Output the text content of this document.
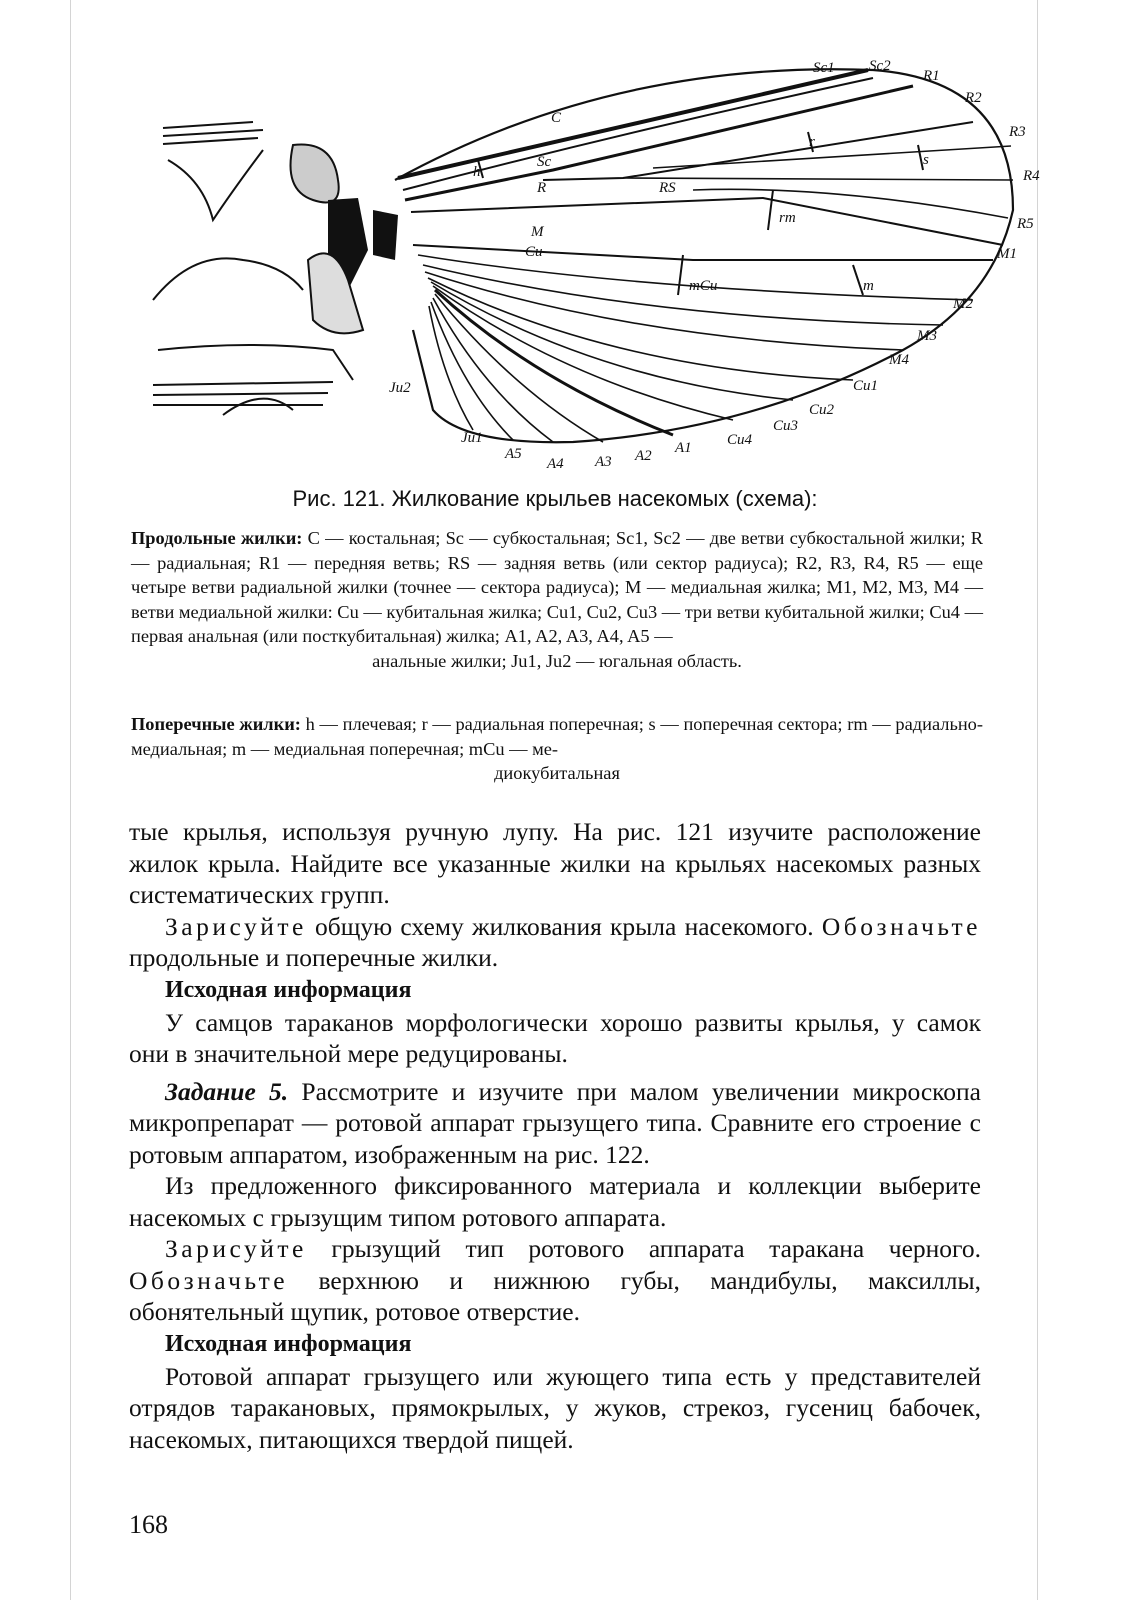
Sc1 Sc2
R1
R2
R3
R4
R5
M1
M2
M3
M4
Cu1
Cu2
Cu3
Cu4
A1
A2
A3
A4
A5
Ju1
Ju2
C
Sc
R	RS
M
Cu
h
r
s
rm
mCu	m
Рис. 121. Жилкование крыльев насекомых (схема):
Продольные жилки: C — костальная; Sc — субкостальная; Sc1, Sc2 — две ветви субкостальной жилки; R — радиальная; R1 — передняя ветвь; RS — задняя ветвь (или сектор радиуса); R2, R3, R4, R5 — еще четыре ветви радиальной жилки (точнее — сектора радиуса); M — медиальная жилка; M1, M2, M3, M4 — ветви медиальной жилки: Cu — кубитальная жилка; Cu1, Cu2, Cu3 — три ветви кубитальной жилки; Cu4 — первая анальная (или посткубитальная) жилка; A1, A2, A3, A4, A5 —
анальные жилки; Ju1, Ju2 — югальная область.
Поперечные жилки: h — плечевая; r — радиальная поперечная; s — поперечная сектора; rm — радиально-медиальная; m — медиальная поперечная; mCu — ме-
диокубитальная

тые крылья, используя ручную лупу. На рис. 121 изучите расположение жилок крыла. Найдите все указанные жилки на крыльях насекомых разных систематических групп.

Зарисуйте общую схему жилкования крыла насекомого. Обозначьте продольные и поперечные жилки.

Исходная информация

У самцов тараканов морфологически хорошо развиты крылья, у самок они в значительной мере редуцированы.

Задание 5. Рассмотрите и изучите при малом увеличении микроскопа микропрепарат — ротовой аппарат грызущего типа. Сравните его строение с ротовым аппаратом, изображенным на рис. 122.

Из предложенного фиксированного материала и коллекции выберите насекомых с грызущим типом ротового аппарата.

Зарисуйте грызущий тип ротового аппарата таракана черного. Обозначьте верхнюю и нижнюю губы, мандибулы, максиллы, обонятельный щупик, ротовое отверстие.

Исходная информация

Ротовой аппарат грызущего или жующего типа есть у представителей отрядов таракановых, прямокрылых, у жуков, стрекоз, гусениц бабочек, насекомых, питающихся твердой пищей.

168
